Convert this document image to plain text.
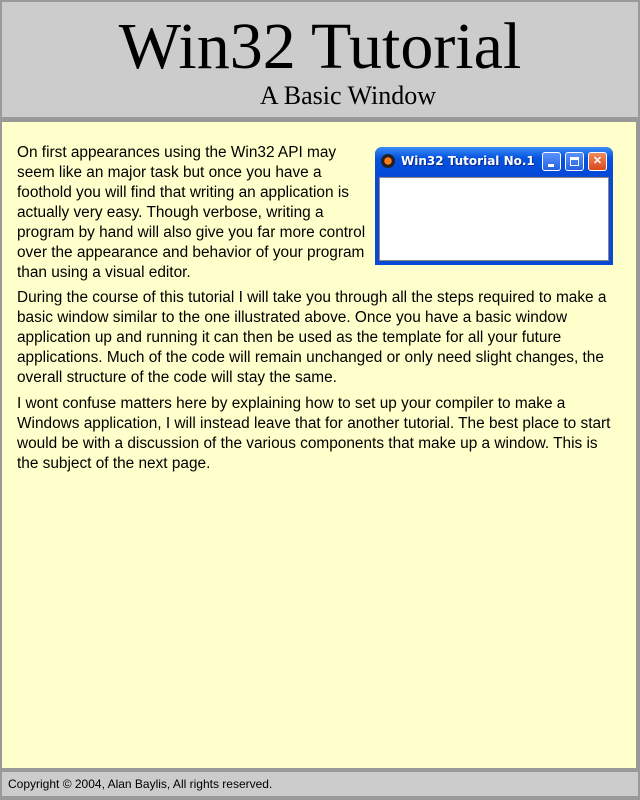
Win32 Tutorial
A Basic Window

On first appearances using the Win32 API may seem like an major task but once you have a foothold you will find that writing an application is actually very easy. Though verbose, writing a program by hand will also give you far more control over the appearance and behavior of your program than using a visual editor.

Win32 Tutorial No.1	✕

During the course of this tutorial I will take you through all the steps required to make a basic window similar to the one illustrated above. Once you have a basic window application up and running it can then be used as the template for all your future applications. Much of the code will remain unchanged or only need slight changes, the overall structure of the code will stay the same.

I wont confuse matters here by explaining how to set up your compiler to make a Windows application, I will instead leave that for another tutorial. The best place to start would be with a discussion of the various components that make up a window. This is the subject of the next page.

Copyright © 2004, Alan Baylis, All rights reserved.
